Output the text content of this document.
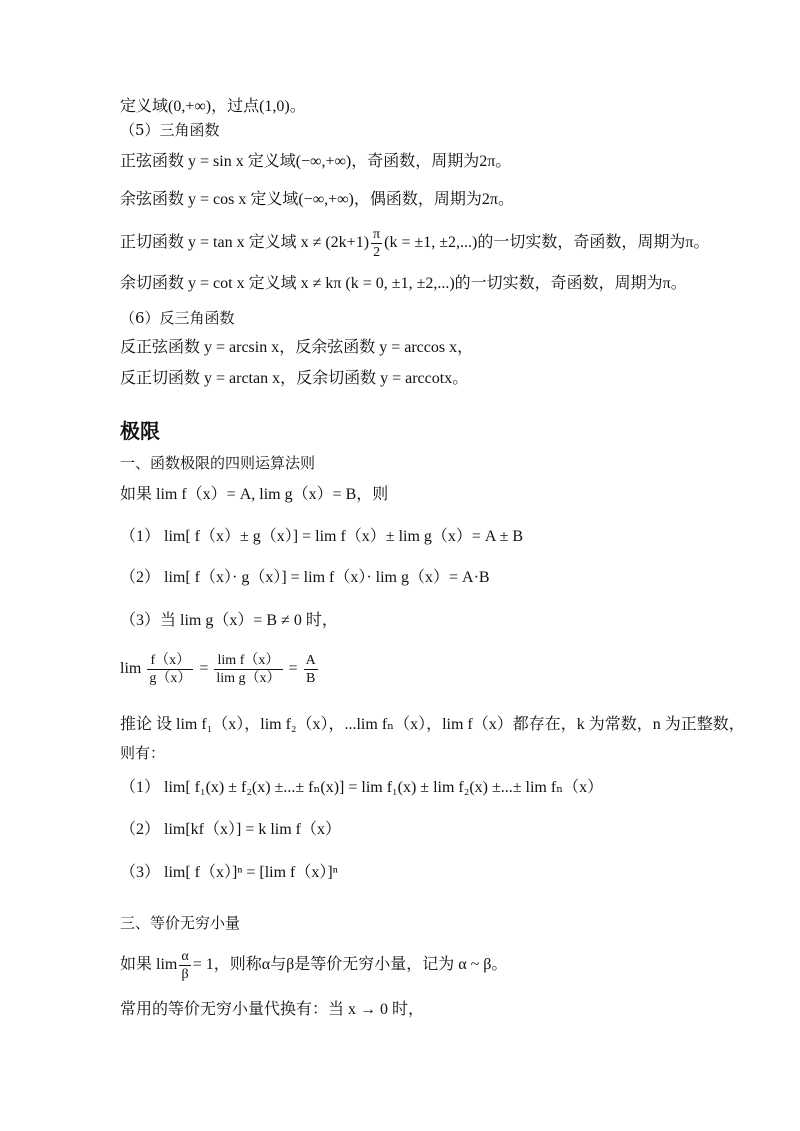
定义域(0,+∞)，过点(1,0)。
（5）三角函数
正弦函数 y = sin x 定义域(−∞,+∞)，奇函数，周期为2π。
余弦函数 y = cos x 定义域(−∞,+∞)，偶函数，周期为2π。
正切函数 y = tan x 定义域 $x \ne (2k+1) \frac{\pi}{2} (k = \pm 1$, ±2,...)的一切实数，奇函数，周期为π。
余切函数 y = cot x 定义域 x ≠ kπ (k = 0, ±1, ±2,...)的一切实数，奇函数，周期为π。
（6）反三角函数
反正弦函数 y = arcsin x，反余弦函数 y = arccos x，
反正切函数 y = arctan x，反余切函数 y = arccotx。
极限
一、函数极限的四则运算法则
如果 lim f（x）= A, lim g（x）= B，则
（1） lim[ f（x）± g（x）] = lim f（x）± lim g（x）= A ± B
（2） lim[ f（x）· g（x）] = lim f（x）· lim g（x）= A·B
（3）当 lim g（x）= B ≠ 0 时，
$\lim \frac{f(x)}{g(x)} = \frac{\text{lim f（x）}}{\text{lim g（x）}} = \frac{A}{B}$
推论 设 lim f₁（x），lim f₂（x），...lim fₙ（x），lim f（x）都存在，k 为常数，n 为正整数，
则有：
（1） lim[ f₁(x) ± f₂(x) ±...± fₙ(x)] = lim f₁(x) ± lim f₂(x) ±...± lim fₙ（x）
（2） lim[kf（x）] = k lim f（x）
（3） lim[ f（x）]ⁿ = [lim f（x）]ⁿ
三、等价无穷小量
如果 $\lim \frac{\alpha}{\beta} = 1$，则称α与β是等价无穷小量，记为 α ~ β。
常用的等价无穷小量代换有：当 x → 0 时，
